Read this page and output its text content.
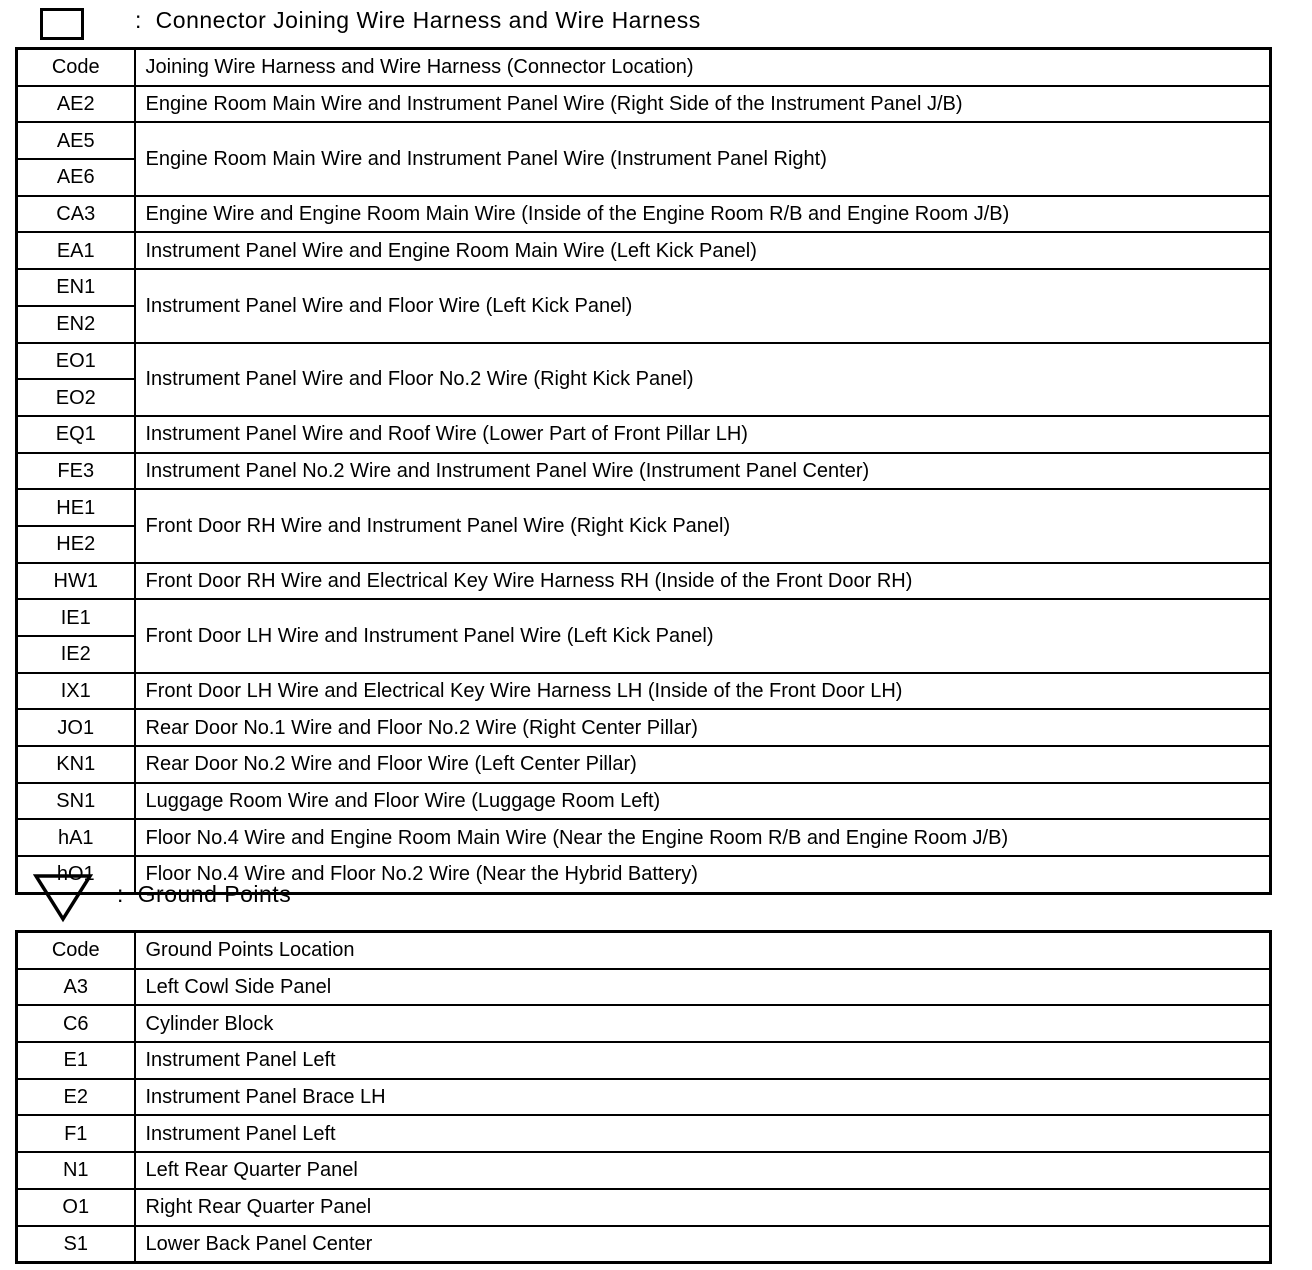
: Connector Joining Wire Harness and Wire Harness
Code	Joining Wire Harness and Wire Harness (Connector Location)
AE2	Engine Room Main Wire and Instrument Panel Wire (Right Side of the Instrument Panel J/B)
AE5	Engine Room Main Wire and Instrument Panel Wire (Instrument Panel Right)
AE6	
CA3	Engine Wire and Engine Room Main Wire (Inside of the Engine Room R/B and Engine Room J/B)
EA1	Instrument Panel Wire and Engine Room Main Wire (Left Kick Panel)
EN1	Instrument Panel Wire and Floor Wire (Left Kick Panel)
EN2	
EO1	Instrument Panel Wire and Floor No.2 Wire (Right Kick Panel)
EO2	
EQ1	Instrument Panel Wire and Roof Wire (Lower Part of Front Pillar LH)
FE3	Instrument Panel No.2 Wire and Instrument Panel Wire (Instrument Panel Center)
HE1	Front Door RH Wire and Instrument Panel Wire (Right Kick Panel)
HE2	
HW1	Front Door RH Wire and Electrical Key Wire Harness RH (Inside of the Front Door RH)
IE1	Front Door LH Wire and Instrument Panel Wire (Left Kick Panel)
IE2	
IX1	Front Door LH Wire and Electrical Key Wire Harness LH (Inside of the Front Door LH)
JO1	Rear Door No.1 Wire and Floor No.2 Wire (Right Center Pillar)
KN1	Rear Door No.2 Wire and Floor Wire (Left Center Pillar)
SN1	Luggage Room Wire and Floor Wire (Luggage Room Left)
hA1	Floor No.4 Wire and Engine Room Main Wire (Near the Engine Room R/B and Engine Room J/B)
hO1	Floor No.4 Wire and Floor No.2 Wire (Near the Hybrid Battery)
: Ground Points
Code	Ground Points Location
A3	Left Cowl Side Panel
C6	Cylinder Block
E1	Instrument Panel Left
E2	Instrument Panel Brace LH
F1	Instrument Panel Left
N1	Left Rear Quarter Panel
O1	Right Rear Quarter Panel
S1	Lower Back Panel Center
